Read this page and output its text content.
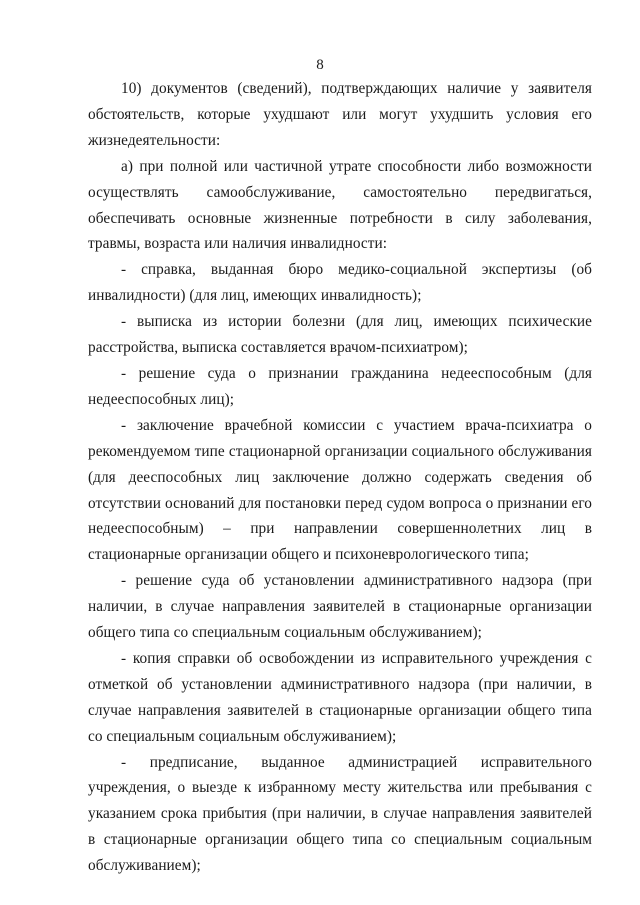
8

10) документов (сведений), подтверждающих наличие у заявителя обстоятельств, которые ухудшают или могут ухудшить условия его жизнедеятельности:

а) при полной или частичной утрате способности либо возможности осуществлять самообслуживание, самостоятельно передвигаться, обеспечивать основные жизненные потребности в силу заболевания, травмы, возраста или наличия инвалидности:

- справка, выданная бюро медико-социальной экспертизы (об инвалидности) (для лиц, имеющих инвалидность);

- выписка из истории болезни (для лиц, имеющих психические расстройства, выписка составляется врачом-психиатром);

- решение суда о признании гражданина недееспособным (для недееспособных лиц);

- заключение врачебной комиссии с участием врача-психиатра о рекомендуемом типе стационарной организации социального обслуживания (для дееспособных лиц заключение должно содержать сведения об отсутствии оснований для постановки перед судом вопроса о признании его недееспособным) – при направлении совершеннолетних лиц в стационарные организации общего и психоневрологического типа;

- решение суда об установлении административного надзора (при наличии, в случае направления заявителей в стационарные организации общего типа со специальным социальным обслуживанием);

- копия справки об освобождении из исправительного учреждения с отметкой об установлении административного надзора (при наличии, в случае направления заявителей в стационарные организации общего типа со специальным социальным обслуживанием);

- предписание, выданное администрацией исправительного учреждения, о выезде к избранному месту жительства или пребывания с указанием срока прибытия (при наличии, в случае направления заявителей в стационарные организации общего типа со специальным социальным обслуживанием);
